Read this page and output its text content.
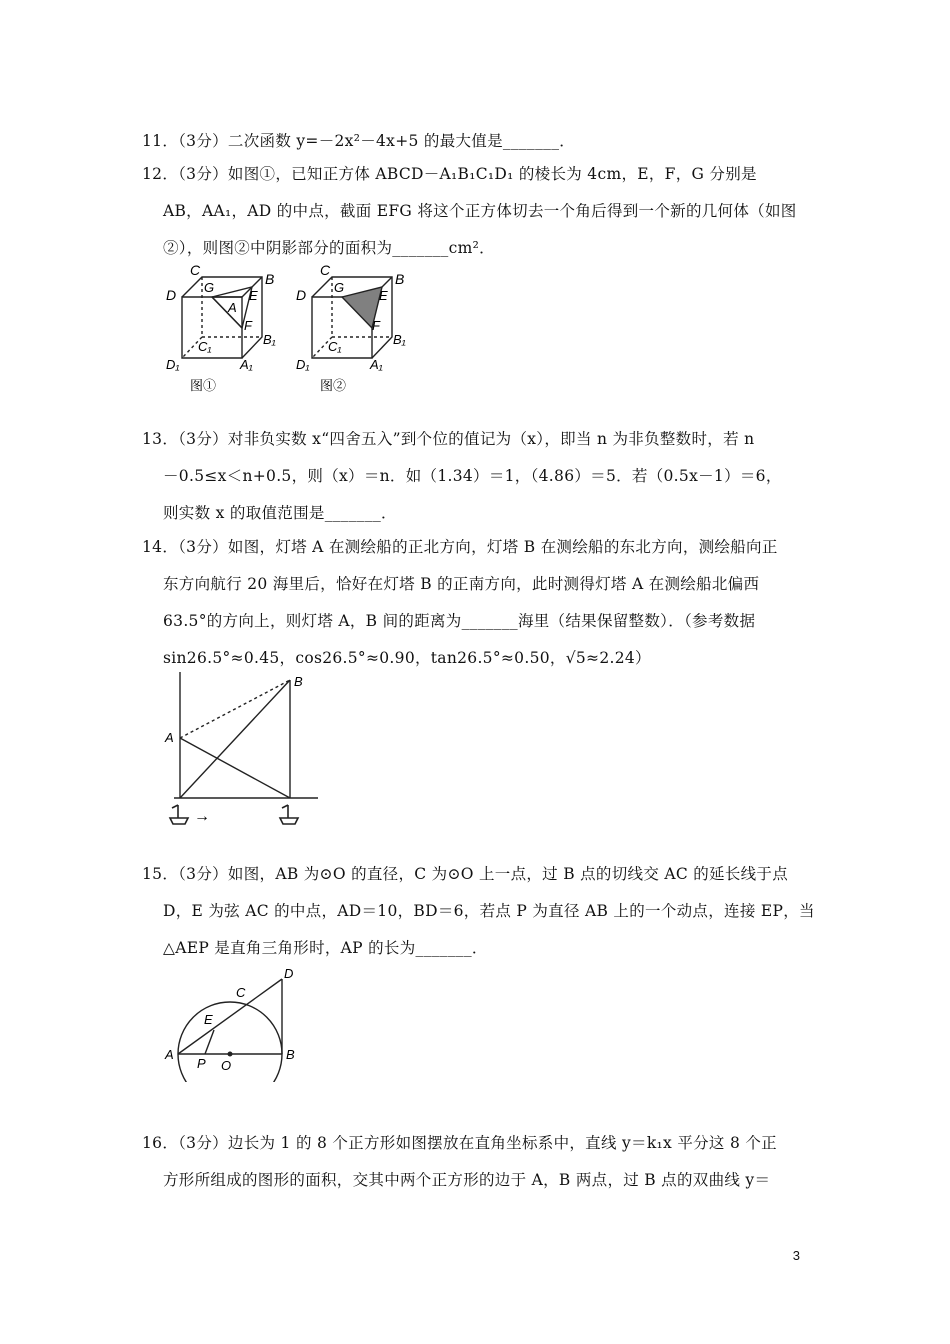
11．（3分）二次函数 y=－2x²－4x+5 的最大值是_______．
12．（3分）如图①，已知正方体 ABCD－A₁B₁C₁D₁ 的棱长为 4cm，E，F，G 分别是
AB，AA₁，AD 的中点，截面 EFG 将这个正方体切去一个角后得到一个新的几何体（如图
②），则图②中阴影部分的面积为_______cm²．
C
B
D G
E
A
F
B₁
C₁
D₁	A₁
图①
C
B
D G
E
F
B₁
C₁
D₁	A₁
图②
13．（3分）对非负实数 x“四舍五入”到个位的值记为（x），即当 n 为非负整数时，若 n
－0.5≤x＜n+0.5，则（x）＝n．如（1.34）＝1，（4.86）＝5．若（0.5x－1）＝6，
则实数 x 的取值范围是_______．
14．（3分）如图，灯塔 A 在测绘船的正北方向，灯塔 B 在测绘船的东北方向，测绘船向正
东方向航行 20 海里后，恰好在灯塔 B 的正南方向，此时测得灯塔 A 在测绘船北偏西
63.5°的方向上，则灯塔 A，B 间的距离为_______海里（结果保留整数）．（参考数据
sin26.5°≈0.45，cos26.5°≈0.90，tan26.5°≈0.50，√5≈2.24）
A
B
→
15．（3分）如图，AB 为⊙O 的直径，C 为⊙O 上一点，过 B 点的切线交 AC 的延长线于点
D，E 为弦 AC 的中点，AD＝10，BD＝6，若点 P 为直径 AB 上的一个动点，连接 EP，当
△AEP 是直角三角形时，AP 的长为_______．
D
C
E
A
P O
B
16．（3分）边长为 1 的 8 个正方形如图摆放在直角坐标系中，直线 y＝k₁x 平分这 8 个正
方形所组成的图形的面积，交其中两个正方形的边于 A，B 两点，过 B 点的双曲线 y＝
3
